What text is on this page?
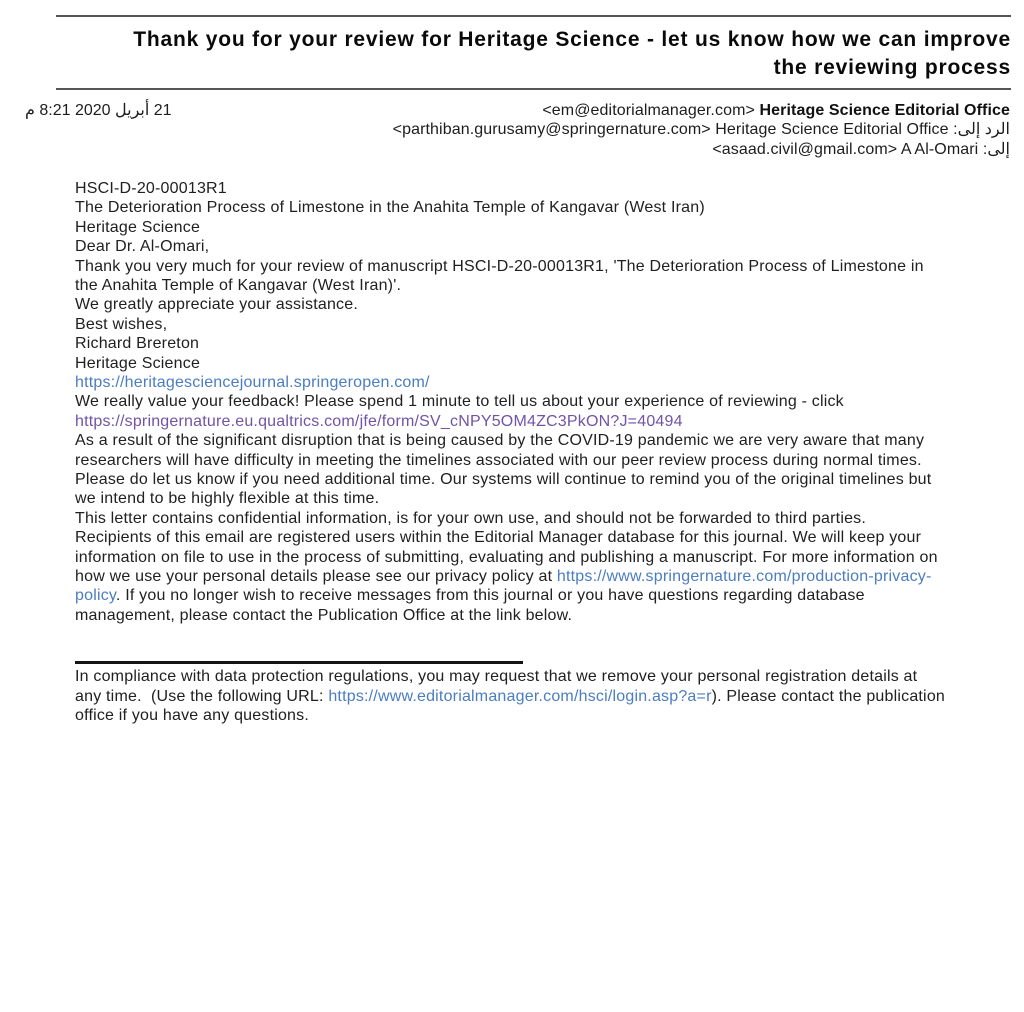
Thank you for your review for Heritage Science - let us know how we can improve
the reviewing process
21 أبريل 2020 8:21 م	<em@editorialmanager.com> Heritage Science Editorial Office
<parthiban.gurusamy@springernature.com> Heritage Science Editorial Office الرد إلى:
<asaad.civil@gmail.com> A Al-Omari إلى:

HSCI-D-20-00013R1
The Deterioration Process of Limestone in the Anahita Temple of Kangavar (West Iran)
Heritage Science

Dear Dr. Al-Omari,

Thank you very much for your review of manuscript HSCI-D-20-00013R1, 'The Deterioration Process of Limestone in the Anahita Temple of Kangavar (West Iran)'.

We greatly appreciate your assistance.

Best wishes,

Richard Brereton
Heritage Science
https://heritagesciencejournal.springeropen.com/

We really value your feedback! Please spend 1 minute to tell us about your experience of reviewing - click https://springernature.eu.qualtrics.com/jfe/form/SV_cNPY5OM4ZC3PkON?J=40494

As a result of the significant disruption that is being caused by the COVID-19 pandemic we are very aware that many researchers will have difficulty in meeting the timelines associated with our peer review process during normal times. Please do let us know if you need additional time. Our systems will continue to remind you of the original timelines but we intend to be highly flexible at this time.

This letter contains confidential information, is for your own use, and should not be forwarded to third parties.

Recipients of this email are registered users within the Editorial Manager database for this journal. We will keep your information on file to use in the process of submitting, evaluating and publishing a manuscript. For more information on how we use your personal details please see our privacy policy at https://www.springernature.com/production-privacy-policy. If you no longer wish to receive messages from this journal or you have questions regarding database management, please contact the Publication Office at the link below.

In compliance with data protection regulations, you may request that we remove your personal registration details at any time.  (Use the following URL: https://www.editorialmanager.com/hsci/login.asp?a=r). Please contact the publication office if you have any questions.
